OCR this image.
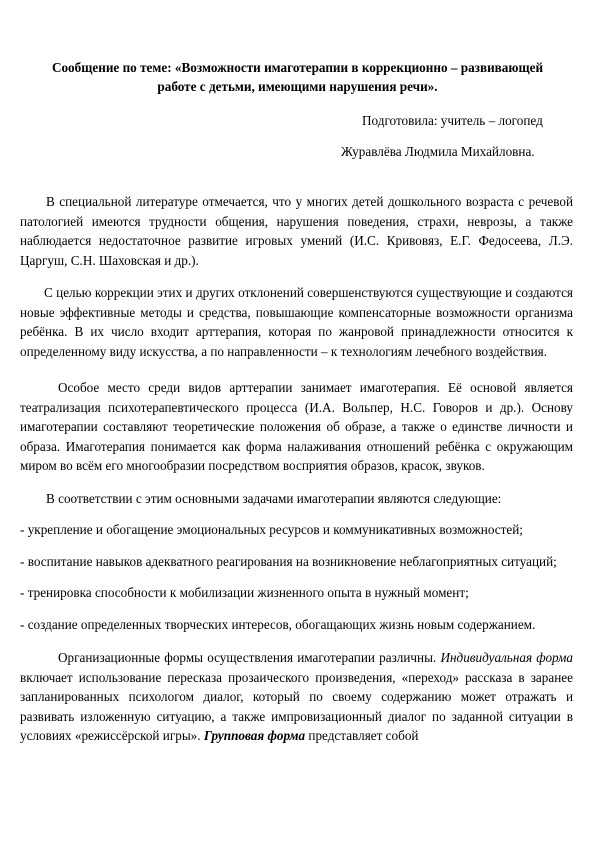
Сообщение по теме: «Возможности имаготерапии в коррекционно – развивающей
работе с детьми, имеющими нарушения речи».
Подготовила: учитель – логопед
Журавлёва Людмила Михайловна.

В специальной литературе отмечается, что у многих детей дошкольного возраста с речевой патологией имеются трудности общения, нарушения поведения, страхи, неврозы, а также наблюдается недостаточное развитие игровых умений (И.С. Кривовяз, Е.Г. Федосеева, Л.Э. Царгуш, С.Н. Шаховская и др.).

С целью коррекции этих и других отклонений совершенствуются существующие и создаются новые эффективные методы и средства, повышающие компенсаторные возможности организма ребёнка. В их число входит арттерапия, которая по жанровой принадлежности относится к определенному виду искусства, а по направленности – к технологиям лечебного воздействия.

Особое место среди видов арттерапии занимает имаготерапия. Её основой является театрализация психотерапевтического процесса (И.А. Вольпер, Н.С. Говоров и др.). Основу имаготерапии составляют теоретические положения об образе, а также о единстве личности и образа. Имаготерапия понимается как форма налаживания отношений ребёнка с окружающим миром во всём его многообразии посредством восприятия образов, красок, звуков.

В соответствии с этим основными задачами имаготерапии являются следующие:

- укрепление и обогащение эмоциональных ресурсов и коммуникативных возможностей;

- воспитание навыков адекватного реагирования на возникновение неблагоприятных ситуаций;

- тренировка способности к мобилизации жизненного опыта в нужный момент;

- создание определенных творческих интересов, обогащающих жизнь новым содержанием.

Организационные формы осуществления имаготерапии различны. Индивидуальная форма включает использование пересказа прозаического произведения, «переход» рассказа в заранее запланированных психологом диалог, который по своему содержанию может отражать и развивать изложенную ситуацию, а также импровизационный диалог по заданной ситуации в условиях «режиссёрской игры». Групповая форма представляет собой
